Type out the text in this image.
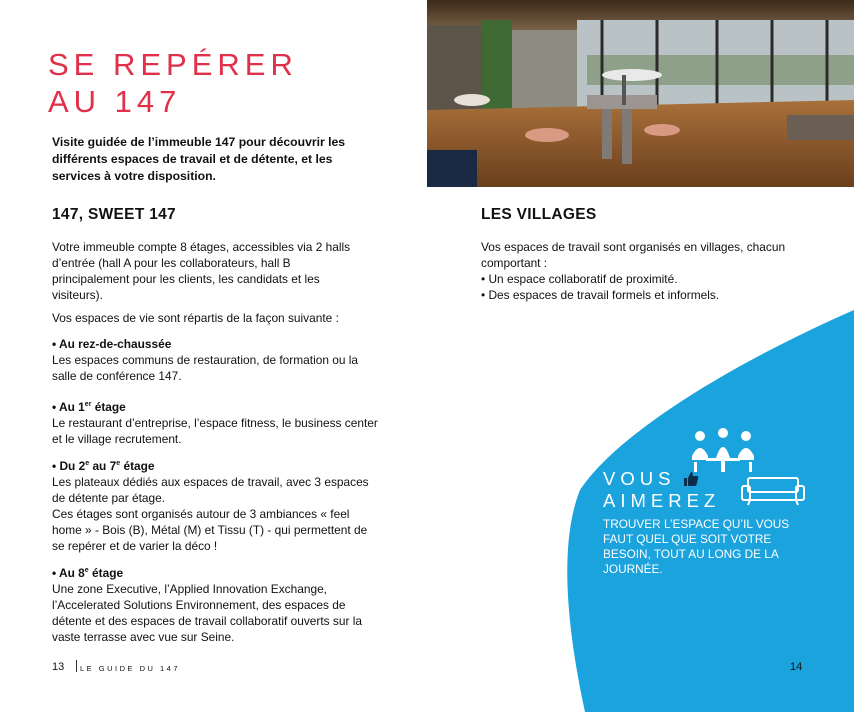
SE REPÉRER
AU 147
Visite guidée de l’immeuble 147 pour découvrir les différents espaces de travail et de détente, et les services à votre disposition.
147, SWEET 147
Votre immeuble compte 8 étages, accessibles via 2 halls d’entrée (hall A pour les collaborateurs, hall B principalement pour les clients, les candidats et les visiteurs).
Vos espaces de vie sont répartis de la façon suivante :
• Au rez-de-chaussée
Les espaces communs de restauration, de formation ou la salle de conférence 147.
• Au 1er étage
Le restaurant d’entreprise, l’espace fitness, le business center et le village recrutement.
• Du 2e au 7e étage
Les plateaux dédiés aux espaces de travail, avec 3 espaces de détente par étage.
Ces étages sont organisés autour de 3 ambiances « feel home » - Bois (B), Métal (M) et Tissu (T) - qui permettent de se repérer et de varier la déco !
• Au 8e étage
Une zone Executive, l’Applied Innovation Exchange, l’Accelerated Solutions Environnement, des espaces de détente et des espaces de travail collaboratif ouverts sur la vaste terrasse avec vue sur Seine.
13 LE GUIDE DU 147
LES VILLAGES
Vos espaces de travail sont organisés en villages, chacun comportant :
• Un espace collaboratif de proximité.
• Des espaces de travail formels et informels.
VOUS
AIMEREZ
TROUVER L’ESPACE QU’IL VOUS FAUT QUEL QUE SOIT VOTRE BESOIN, TOUT AU LONG DE LA JOURNÉE.
14
